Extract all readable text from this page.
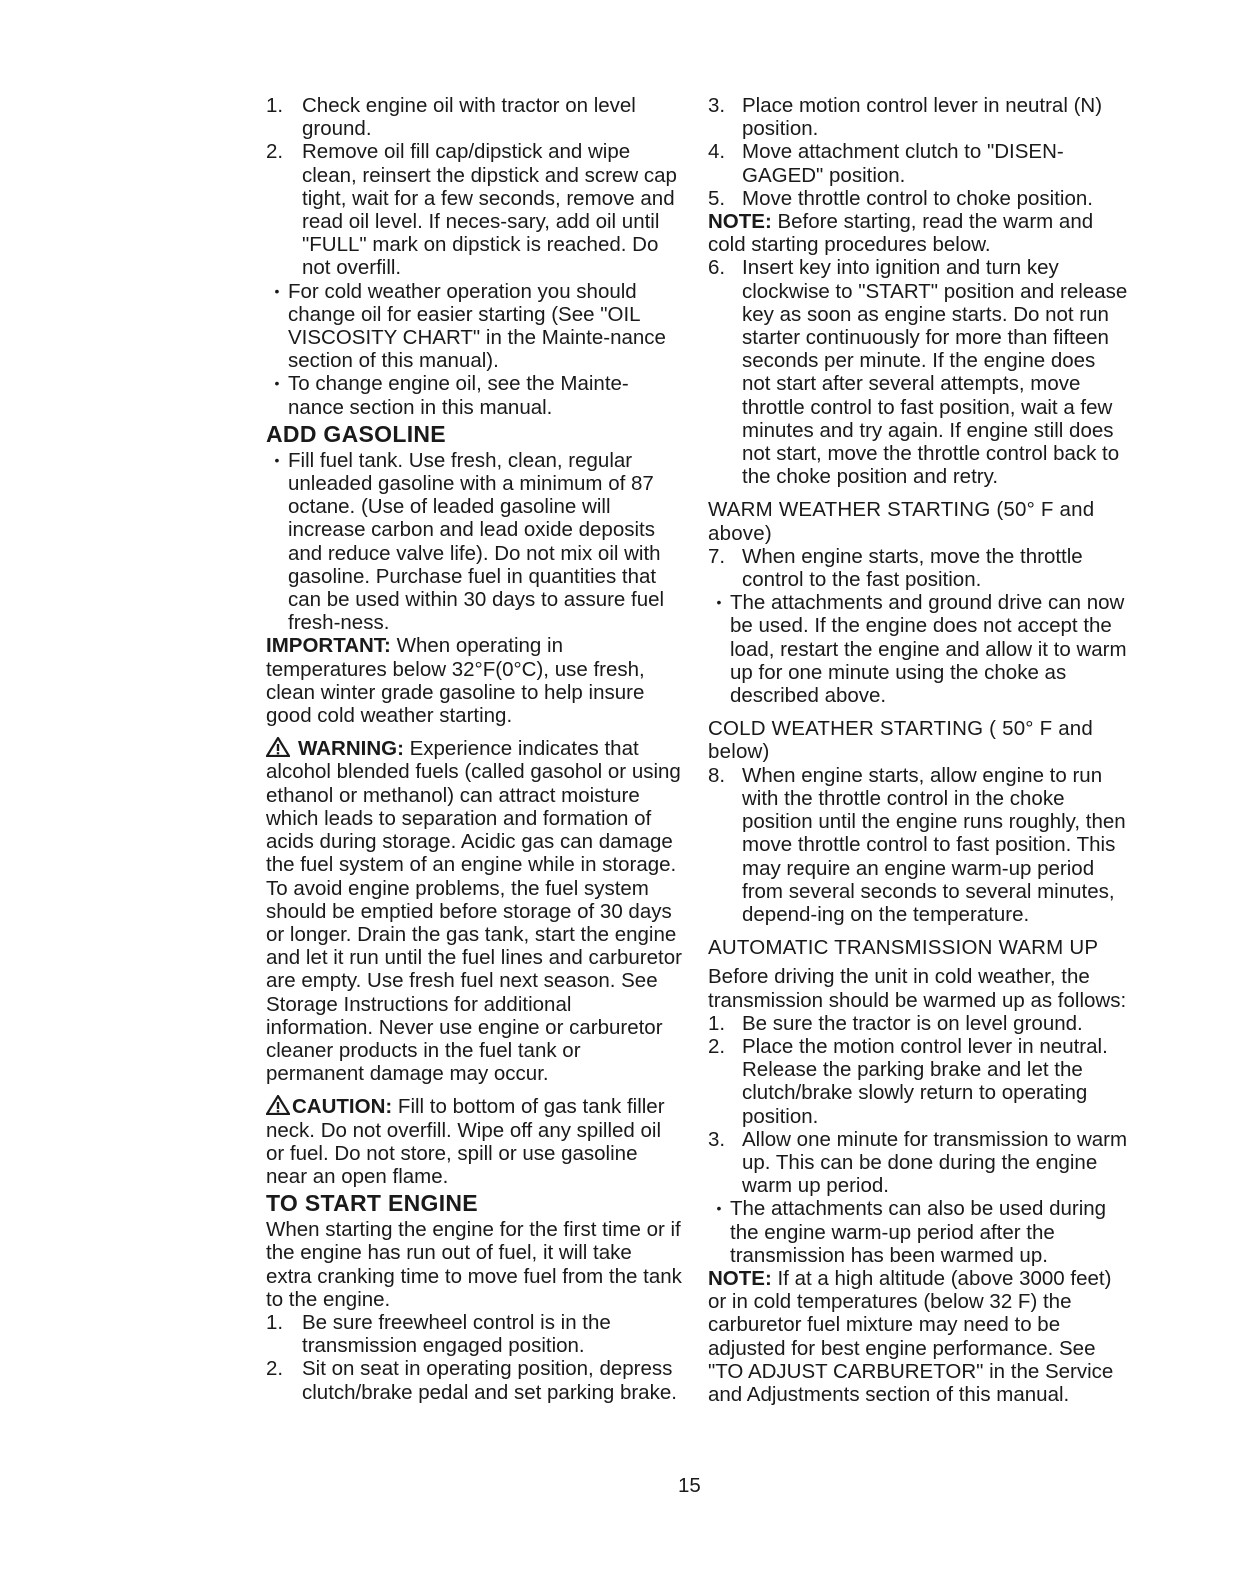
1. Check engine oil with tractor on level ground.
2. Remove oil fill cap/dipstick and wipe clean, reinsert the dipstick and screw cap tight, wait for a few seconds, remove and read oil level. If neces-sary, add oil until "FULL" mark on dipstick is reached. Do not overfill.
• For cold weather operation you should change oil for easier starting (See "OIL VISCOSITY CHART" in the Mainte-nance section of this manual).
• To change engine oil, see the Mainte-nance section in this manual.
ADD GASOLINE
• Fill fuel tank. Use fresh, clean, regular unleaded gasoline with a minimum of 87 octane. (Use of leaded gasoline will increase carbon and lead oxide deposits and reduce valve life). Do not mix oil with gasoline. Purchase fuel in quantities that can be used within 30 days to assure fuel fresh-ness.

IMPORTANT: When operating in temperatures below 32°F(0°C), use fresh, clean winter grade gasoline to help insure good cold weather starting.

WARNING: Experience indicates that alcohol blended fuels (called gasohol or using ethanol or methanol) can attract moisture which leads to separation and formation of acids during storage. Acidic gas can damage the fuel system of an engine while in storage. To avoid engine problems, the fuel system should be emptied before storage of 30 days or longer. Drain the gas tank, start the engine and let it run until the fuel lines and carburetor are empty. Use fresh fuel next season. See Storage Instructions for additional information. Never use engine or carburetor cleaner products in the fuel tank or permanent damage may occur.

CAUTION: Fill to bottom of gas tank filler neck. Do not overfill. Wipe off any spilled oil or fuel. Do not store, spill or use gasoline near an open flame.

TO START ENGINE

When starting the engine for the first time or if the engine has run out of fuel, it will take extra cranking time to move fuel from the tank to the engine.

1. Be sure freewheel control is in the transmission engaged position.
2. Sit on seat in operating position, depress clutch/brake pedal and set parking brake.
3. Place motion control lever in neutral (N) position.
4. Move attachment clutch to "DISEN-GAGED" position.
5. Move throttle control to choke position.

NOTE: Before starting, read the warm and cold starting procedures below.

6. Insert key into ignition and turn key clockwise to "START" position and release key as soon as engine starts. Do not run starter continuously for more than fifteen seconds per minute. If the engine does not start after several attempts, move throttle control to fast position, wait a few minutes and try again. If engine still does not start, move the throttle control back to the choke position and retry.

WARM WEATHER STARTING (50° F and above)

7. When engine starts, move the throttle control to the fast position.
• The attachments and ground drive can now be used. If the engine does not accept the load, restart the engine and allow it to warm up for one minute using the choke as described above.

COLD WEATHER STARTING ( 50° F and below)

8. When engine starts, allow engine to run with the throttle control in the choke position until the engine runs roughly, then move throttle control to fast position. This may require an engine warm-up period from several seconds to several minutes, depend-ing on the temperature.

AUTOMATIC TRANSMISSION WARM UP

Before driving the unit in cold weather, the transmission should be warmed up as follows:

1. Be sure the tractor is on level ground.
2. Place the motion control lever in neutral. Release the parking brake and let the clutch/brake slowly return to operating position.
3. Allow one minute for transmission to warm up. This can be done during the engine warm up period.
• The attachments can also be used during the engine warm-up period after the transmission has been warmed up.

NOTE: If at a high altitude (above 3000 feet) or in cold temperatures (below 32 F) the carburetor fuel mixture may need to be adjusted for best engine performance. See "TO ADJUST CARBURETOR" in the Service and Adjustments section of this manual.

15
